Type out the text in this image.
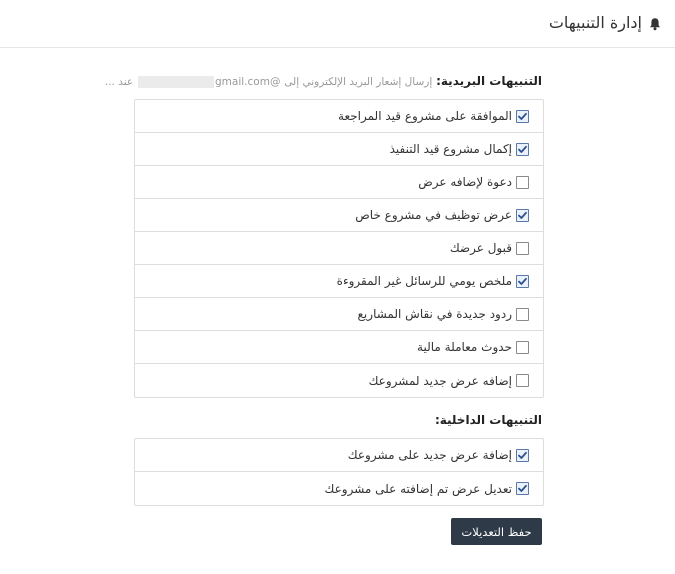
إدارة التنبيهات
التنبيهات البريدية: إرسال إشعار البريد الإلكتروني إلى @gmail.com عند ...
الموافقة على مشروع قيد المراجعة
إكمال مشروع قيد التنفيذ
دعوة لإضافه عرض
عرض توظيف في مشروع خاص
قبول عرضك
ملخص يومي للرسائل غير المقروءة
ردود جديدة في نقاش المشاريع
حدوث معاملة مالية
إضافه عرض جديد لمشروعك
التنبيهات الداخلية:
إضافة عرض جديد على مشروعك
تعديل عرض تم إضافته على مشروعك
حفظ التعديلات
